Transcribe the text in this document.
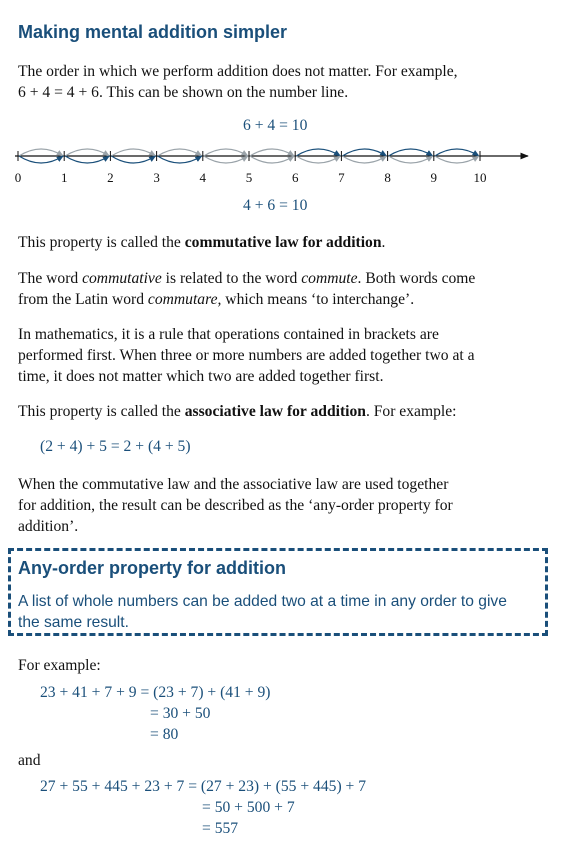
Making mental addition simpler
The order in which we perform addition does not matter. For example,
6 + 4 = 4 + 6. This can be shown on the number line.
6 + 4 = 10
0	1	2	3	4	5	6	7	8	9	10
4 + 6 = 10
This property is called the commutative law for addition.
The word commutative is related to the word commute. Both words come
from the Latin word commutare, which means ‘to interchange’.
In mathematics, it is a rule that operations contained in brackets are
performed first. When three or more numbers are added together two at a
time, it does not matter which two are added together first.
This property is called the associative law for addition. For example:
(2 + 4) + 5 = 2 + (4 + 5)
When the commutative law and the associative law are used together
for addition, the result can be described as the ‘any-order property for
addition’.
Any-order property for addition
A list of whole numbers can be added two at a time in any order to give
the same result.
For example:
23 + 41 + 7 + 9 = (23 + 7) + (41 + 9)
= 30 + 50
= 80
and
27 + 55 + 445 + 23 + 7 = (27 + 23) + (55 + 445) + 7
= 50 + 500 + 7
= 557
